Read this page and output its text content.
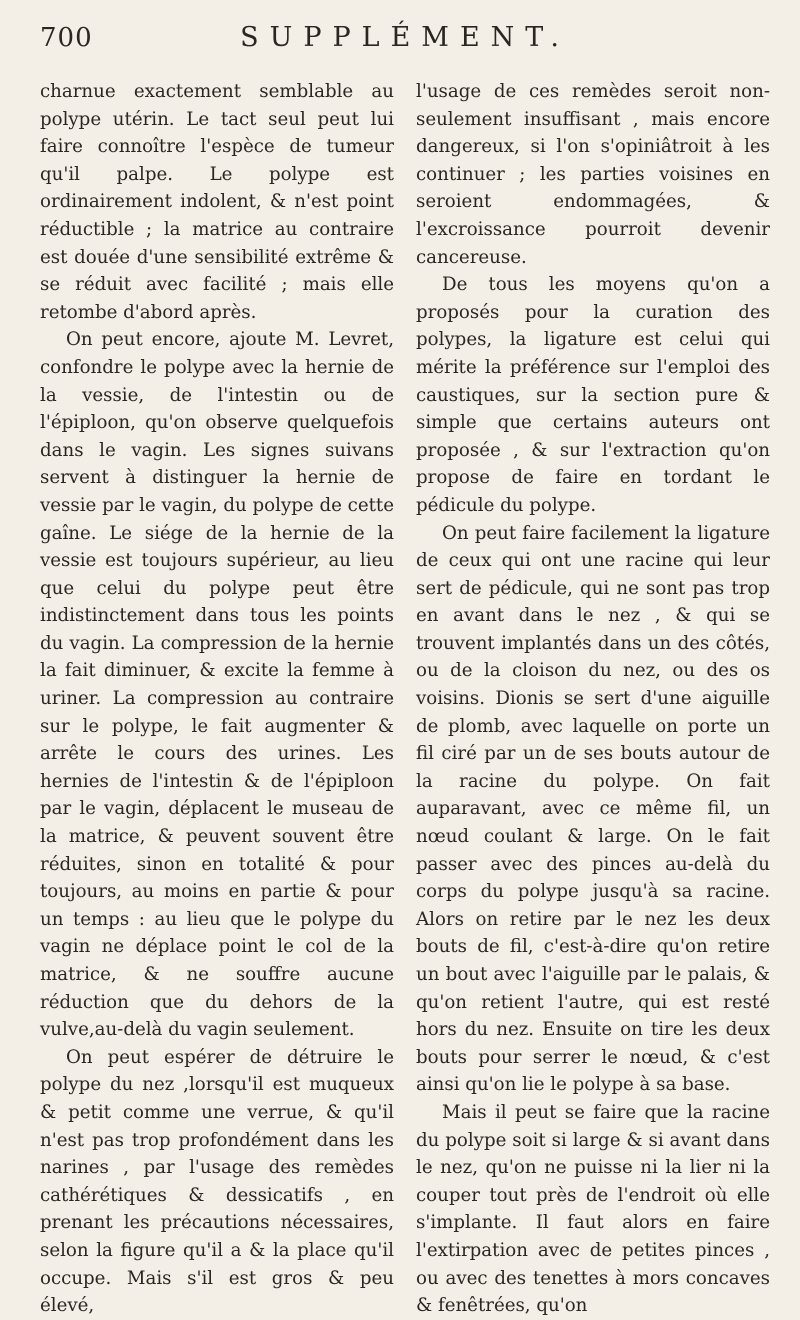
700	SUPPLÉMENT.

charnue exactement semblable au polype utérin. Le tact seul peut lui faire connoître l'espèce de tumeur qu'il palpe. Le polype est ordinairement indolent, & n'est point réductible ; la matrice au contraire est douée d'une sensibilité extrême & se réduit avec facilité ; mais elle retombe d'abord après.

On peut encore, ajoute M. Levret, confondre le polype avec la hernie de la vessie, de l'intestin ou de l'épiploon, qu'on observe quelquefois dans le vagin. Les signes suivans servent à distinguer la hernie de vessie par le vagin, du polype de cette gaîne. Le siége de la hernie de la vessie est toujours supérieur, au lieu que celui du polype peut être indistinctement dans tous les points du vagin. La compression de la hernie la fait diminuer, & excite la femme à uriner. La compression au contraire sur le polype, le fait augmenter & arrête le cours des urines. Les hernies de l'intestin & de l'épiploon par le vagin, déplacent le museau de la matrice, & peuvent souvent être réduites, sinon en totalité & pour toujours, au moins en partie & pour un temps : au lieu que le polype du vagin ne déplace point le col de la matrice, & ne souffre aucune réduction que du dehors de la vulve,au-delà du vagin seulement.

On peut espérer de détruire le polype du nez ,lorsqu'il est muqueux & petit comme une verrue, & qu'il n'est pas trop profondément dans les narines , par l'usage des remèdes cathérétiques & dessicatifs , en prenant les précautions nécessaires, selon la figure qu'il a & la place qu'il occupe. Mais s'il est gros & peu élevé,

l'usage de ces remèdes seroit non-seulement insuffisant , mais encore dangereux, si l'on s'opiniâtroit à les continuer ; les parties voisines en seroient endommagées, & l'excroissance pourroit devenir cancereuse.

De tous les moyens qu'on a proposés pour la curation des polypes, la ligature est celui qui mérite la préférence sur l'emploi des caustiques, sur la section pure & simple que certains auteurs ont proposée , & sur l'extraction qu'on propose de faire en tordant le pédicule du polype.

On peut faire facilement la ligature de ceux qui ont une racine qui leur sert de pédicule, qui ne sont pas trop en avant dans le nez , & qui se trouvent implantés dans un des côtés, ou de la cloison du nez, ou des os voisins. Dionis se sert d'une aiguille de plomb, avec laquelle on porte un fil ciré par un de ses bouts autour de la racine du polype. On fait auparavant, avec ce même fil, un nœud coulant & large. On le fait passer avec des pinces au-delà du corps du polype jusqu'à sa racine. Alors on retire par le nez les deux bouts de fil, c'est-à-dire qu'on retire un bout avec l'aiguille par le palais, & qu'on retient l'autre, qui est resté hors du nez. Ensuite on tire les deux bouts pour serrer le nœud, & c'est ainsi qu'on lie le polype à sa base.

Mais il peut se faire que la racine du polype soit si large & si avant dans le nez, qu'on ne puisse ni la lier ni la couper tout près de l'endroit où elle s'implante. Il faut alors en faire l'extirpation avec de petites pinces , ou avec des tenettes à mors concaves & fenêtrées, qu'on
